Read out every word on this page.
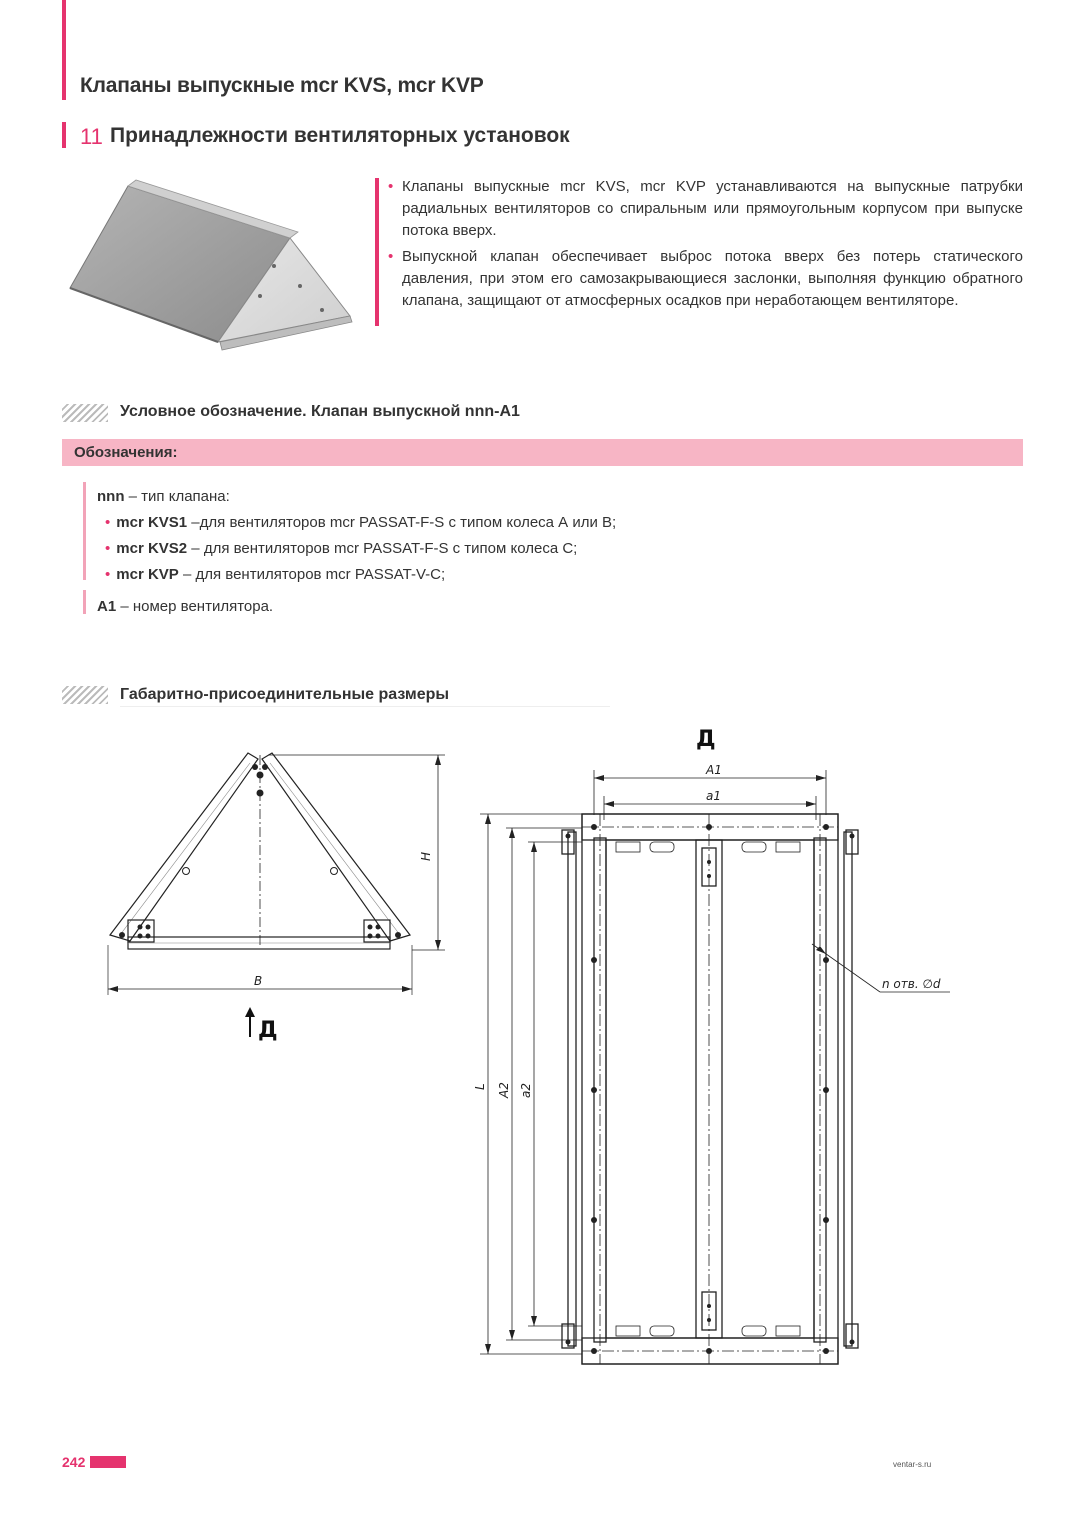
Клапаны выпускные mcr KVS, mcr KVP
11 Принадлежности вентиляторных установок
• Клапаны выпускные mcr KVS, mcr KVP устанавливаются на выпускные патрубки радиальных вентиляторов со спиральным или прямоугольным корпусом при выпуске потока вверх.
• Выпускной клапан обеспечивает выброс потока вверх без потерь статического давления, при этом его самозакрывающиеся заслонки, выполняя функцию обратного клапана, защищают от атмосферных осадков при неработающем вентиляторе.
Условное обозначение. Клапан выпускной nnn-A1
Обозначения:
nnn – тип клапана:
• mcr KVS1 –для вентиляторов mcr PASSAT-F-S с типом колеса А или В;
• mcr KVS2 – для вентиляторов mcr PASSAT-F-S с типом колеса С;
• mcr KVP – для вентиляторов mcr PASSAT-V-C;
A1 – номер вентилятора.
Габаритно-присоединительные размеры
H
B
Д
Д
A1
a1
L A2 a2
n отв. ∅d
242	ventar-s.ru
